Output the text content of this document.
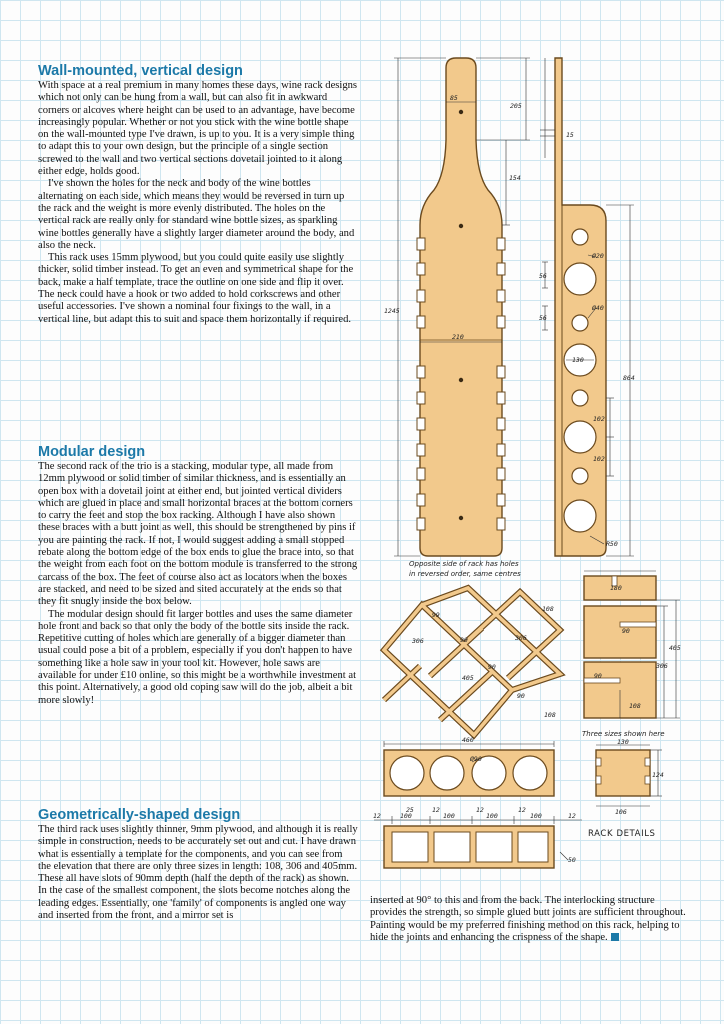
Wall-mounted, vertical design

With space at a real premium in many homes these days, wine rack designs which not only can be hung from a wall, but can also fit in awkward corners or alcoves where height can be used to an advantage, have become increasingly popular. Whether or not you stick with the wine bottle shape on the wall-mounted type I've drawn, is up to you. It is a very simple thing to adapt this to your own design, but the principle of a single section screwed to the wall and two vertical sections dovetail jointed to it along either edge, holds good.

I've shown the holes for the neck and body of the wine bottles alternating on each side, which means they would be reversed in turn up the rack and the weight is more evenly distributed. The holes on the vertical rack are really only for standard wine bottle sizes, as sparkling wine bottles generally have a slightly larger diameter around the body, and also the neck.

This rack uses 15mm plywood, but you could quite easily use slightly thicker, solid timber instead. To get an even and symmetrical shape for the back, make a half template, trace the outline on one side and flip it over. The neck could have a hook or two added to hold corkscrews and other useful accessories. I've shown a nominal four fixings to the wall, in a vertical line, but adapt this to suit and space them horizontally if required.

Modular design

The second rack of the trio is a stacking, modular type, all made from 12mm plywood or solid timber of similar thickness, and is essentially an open box with a dovetail joint at either end, but jointed vertical dividers which are glued in place and small horizontal braces at the bottom corners to carry the feet and stop the box racking. Although I have also shown these braces with a butt joint as well, this should be strengthened by pins if you are painting the rack. If not, I would suggest adding a small stopped rebate along the bottom edge of the box ends to glue the brace into, so that the weight from each foot on the bottom module is transferred to the strong carcass of the box. The feet of course also act as locators when the boxes are stacked, and need to be sized and sited accurately at the ends so that they fit snugly inside the box below.

The modular design should fit larger bottles and uses the same diameter hole front and back so that only the body of the bottle sits inside the rack. Repetitive cutting of holes which are generally of a bigger diameter than usual could pose a bit of a problem, especially if you don't happen to have something like a hole saw in your tool kit. However, hole saws are available for under £10 online, so this might be a worthwhile investment at this point. Alternatively, a good old coping saw will do the job, albeit a bit more slowly!

Geometrically-shaped design

The third rack uses slightly thinner, 9mm plywood, and although it is really simple in construction, needs to be accurately set out and cut. I have drawn what is essentially a template for the components, and you can see from the elevation that there are only three sizes in length: 108, 306 and 405mm. These all have slots of 90mm depth (half the depth of the rack) as shown. In the case of the smallest component, the slots become notches along the leading edges. Essentially, one 'family' of components is angled one way and inserted from the front, and a mirror set is

inserted at 90° to this and from the back. The interlocking structure provides the strength, so simple glued butt joints are sufficient throughout. Painting would be my preferred finishing method on this rack, helping to hide the joints and enhancing the crispness of the shape.
85
205
154
1245
210
15
56
56
Ø20
Ø40
130
864
102
102
R50
Opposite side of rack has holes
in reversed order, same centres
99
108
306	90	306
90
405
90
108
460
Ø90
12
25
100
12
100
12
100
12
100	12
50
180
90
405
306
90
108
Three sizes shown here
130
124
106
RACK DETAILS
